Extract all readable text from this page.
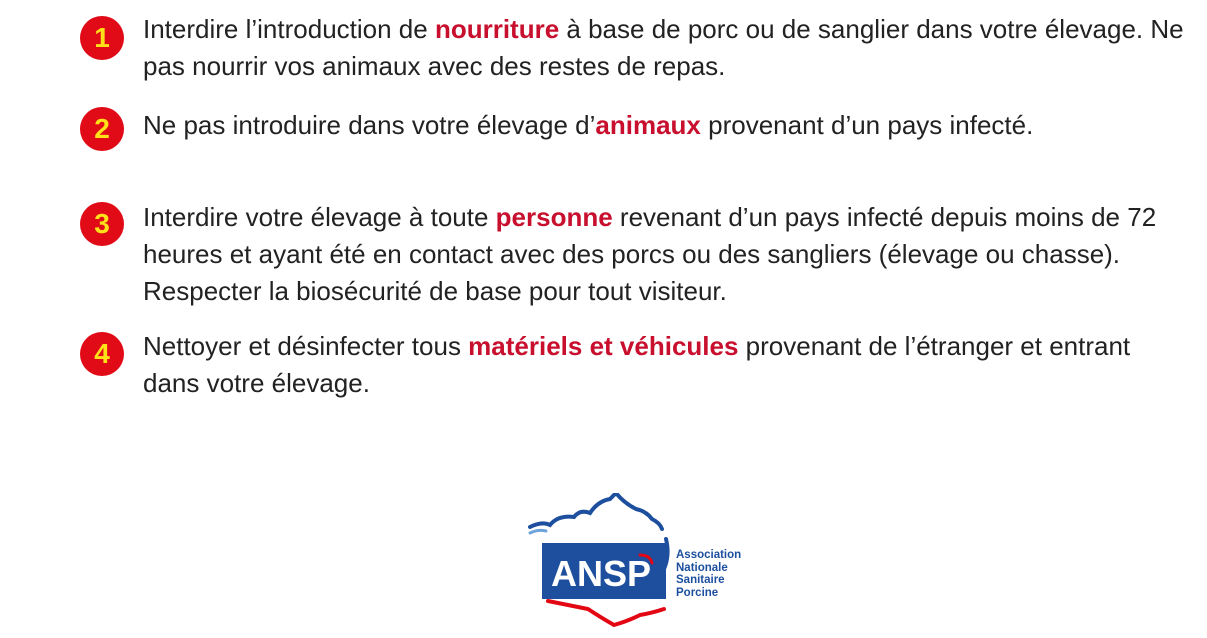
1	Interdire l’introduction de nourriture à base de porc ou de sanglier dans votre élevage. Ne pas nourrir vos animaux avec des restes de repas.

2	Ne pas introduire dans votre élevage d’animaux provenant d’un pays infecté.

3	Interdire votre élevage à toute personne revenant d’un pays infecté depuis moins de 72 heures et ayant été en contact avec des porcs ou des sangliers (élevage ou chasse). Respecter la biosécurité de base pour tout visiteur.

4	Nettoyer et désinfecter tous matériels et véhicules provenant de l’étranger et entrant dans votre élevage.

ANSP Association
Nationale
Sanitaire
Porcine
